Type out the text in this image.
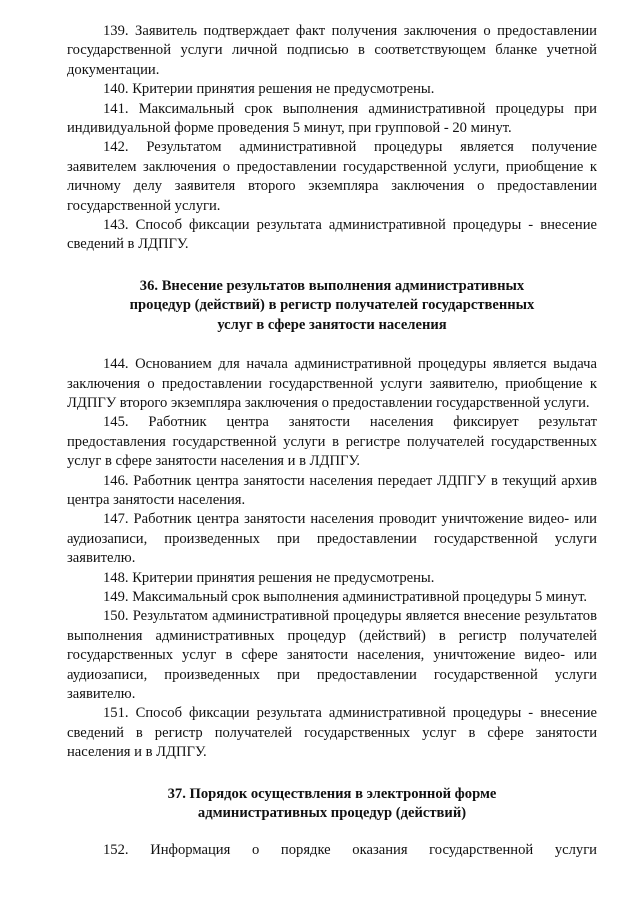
139. Заявитель подтверждает факт получения заключения о предоставлении государственной услуги личной подписью в соответствующем бланке учетной документации.

140. Критерии принятия решения не предусмотрены.

141. Максимальный срок выполнения административной процедуры при индивидуальной форме проведения 5 минут, при групповой - 20 минут.

142. Результатом административной процедуры является получение заявителем заключения о предоставлении государственной услуги, приобщение к личному делу заявителя второго экземпляра заключения о предоставлении государственной услуги.

143. Способ фиксации результата административной процедуры - внесение сведений в ЛДПГУ.

36. Внесение результатов выполнения административных
процедур (действий) в регистр получателей государственных
услуг в сфере занятости населения

144. Основанием для начала административной процедуры является выдача заключения о предоставлении государственной услуги заявителю, приобщение к ЛДПГУ второго экземпляра заключения о предоставлении государственной услуги.

145. Работник центра занятости населения фиксирует результат предоставления государственной услуги в регистре получателей государственных услуг в сфере занятости населения и в ЛДПГУ.

146. Работник центра занятости населения передает ЛДПГУ в текущий архив центра занятости населения.

147. Работник центра занятости населения проводит уничтожение видео- или аудиозаписи, произведенных при предоставлении государственной услуги заявителю.

148. Критерии принятия решения не предусмотрены.

149. Максимальный срок выполнения административной процедуры 5 минут.

150. Результатом административной процедуры является внесение результатов выполнения административных процедур (действий) в регистр получателей государственных услуг в сфере занятости населения, уничтожение видео- или аудиозаписи, произведенных при предоставлении государственной услуги заявителю.

151. Способ фиксации результата административной процедуры - внесение сведений в регистр получателей государственных услуг в сфере занятости населения и в ЛДПГУ.

37. Порядок осуществления в электронной форме
административных процедур (действий)

152. Информация о порядке оказания государственной услуги
